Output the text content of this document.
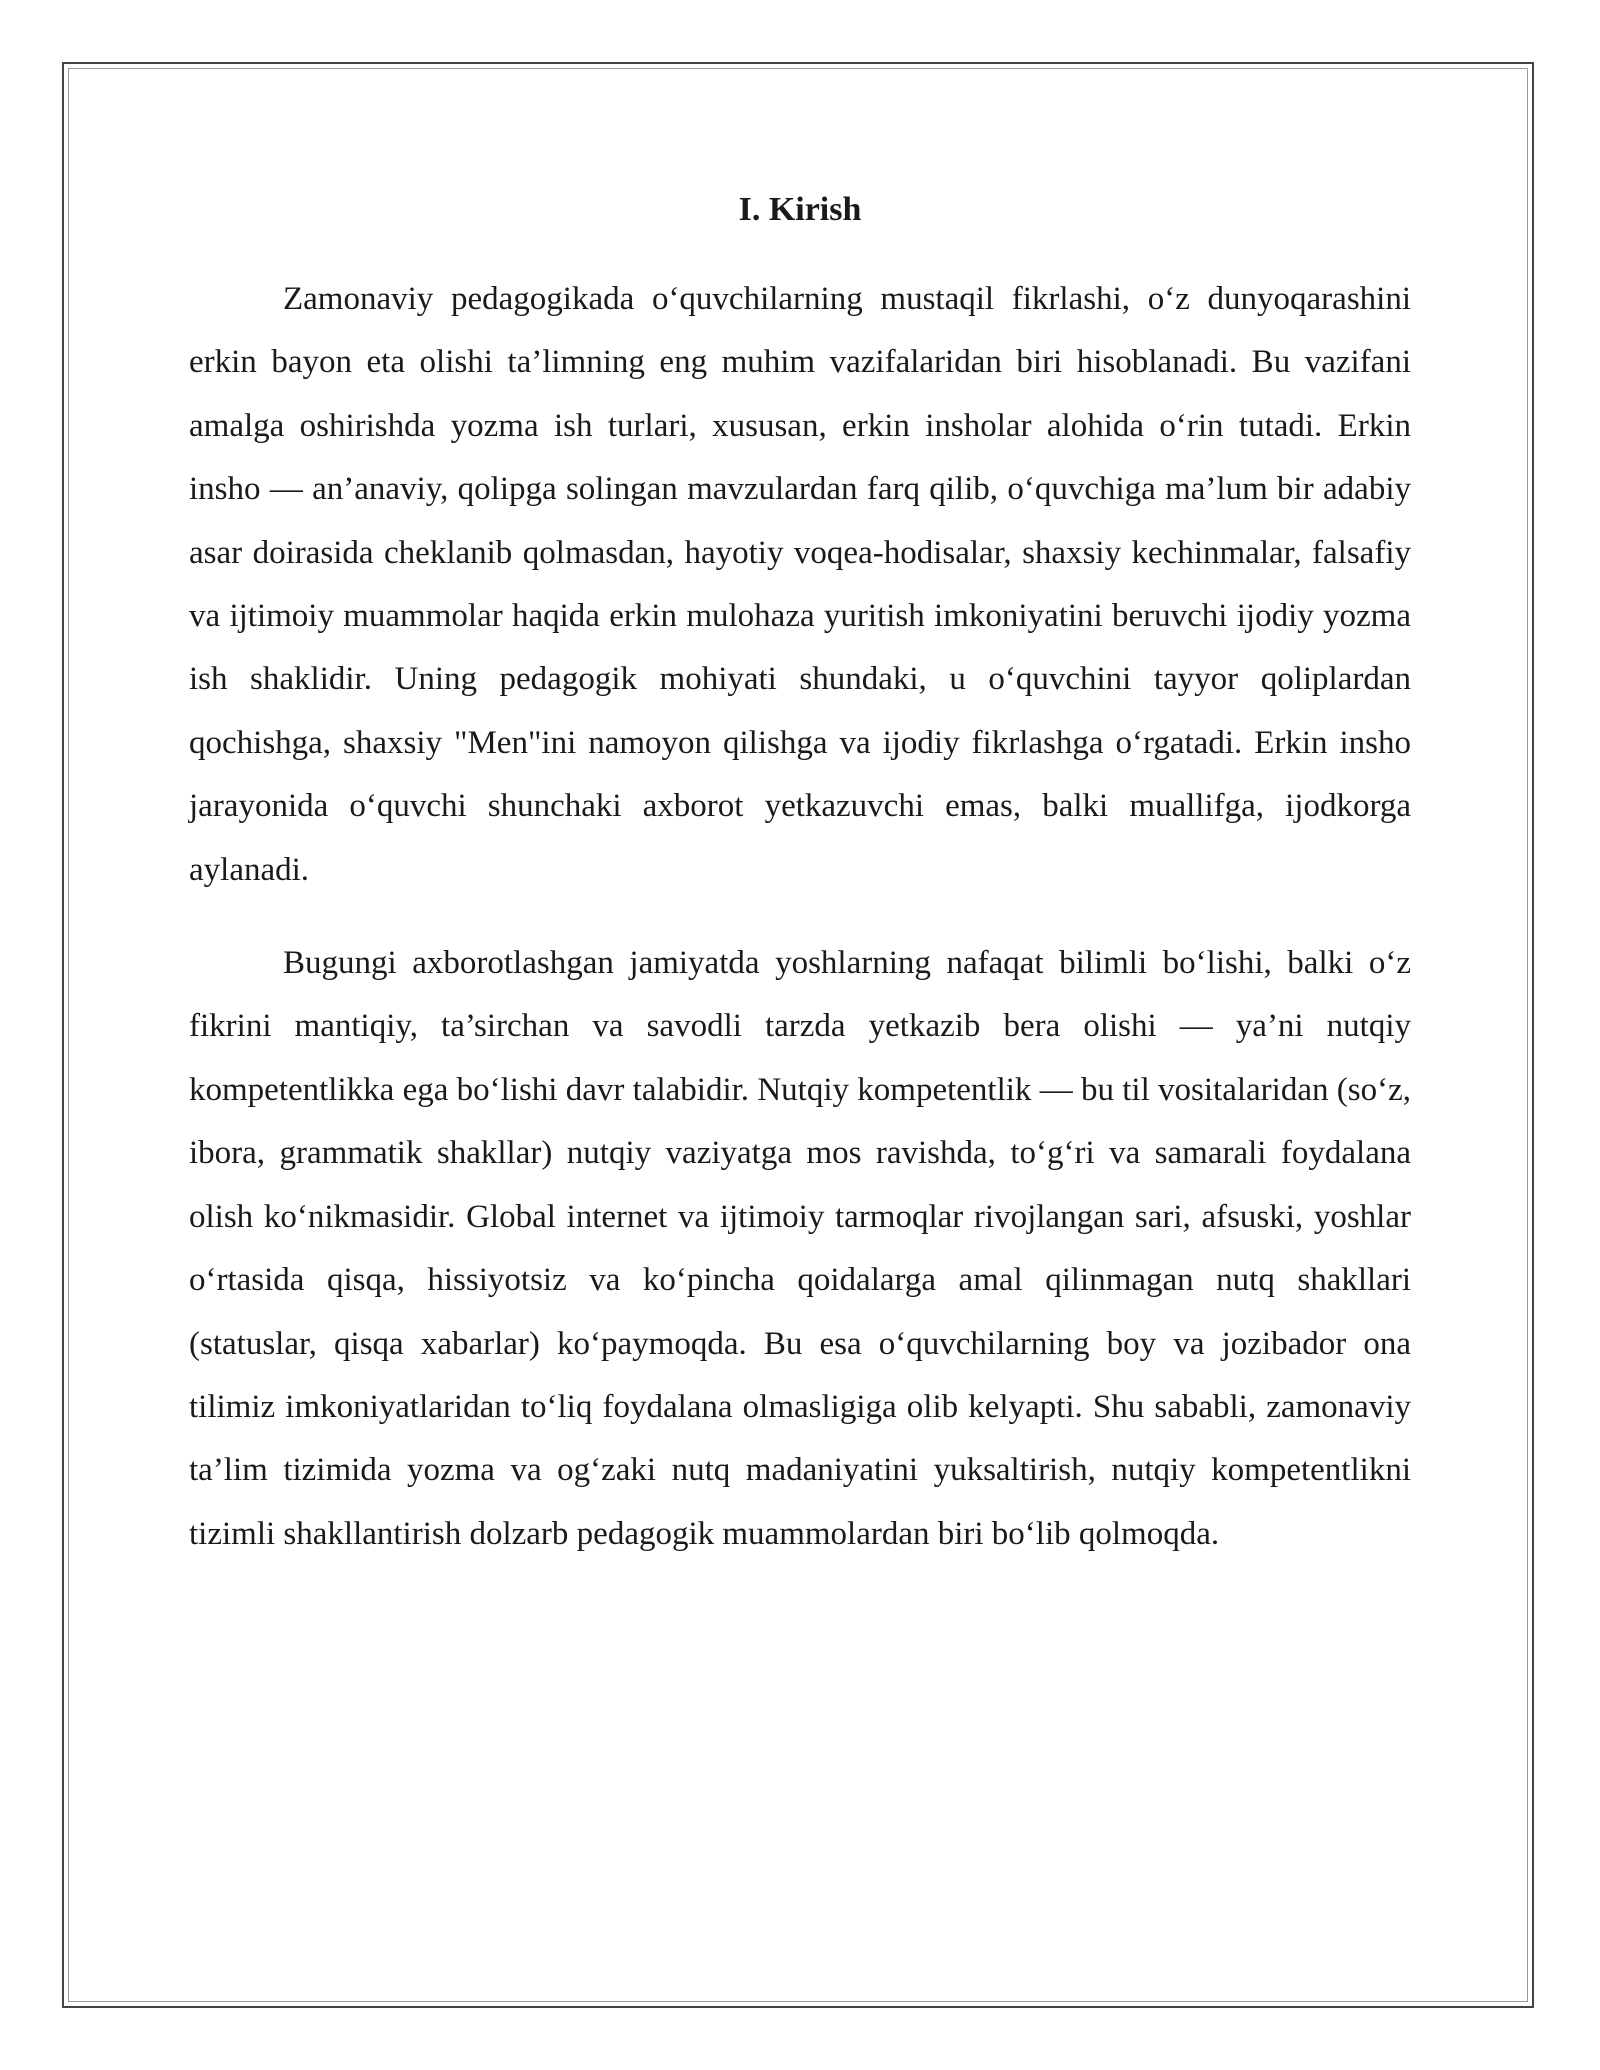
I. Kirish

Zamonaviy pedagogikada o‘quvchilarning mustaqil fikrlashi, o‘z dunyoqarashini erkin bayon eta olishi ta’limning eng muhim vazifalaridan biri hisoblanadi. Bu vazifani amalga oshirishda yozma ish turlari, xususan, erkin insholar alohida o‘rin tutadi. Erkin insho — an’anaviy, qolipga solingan mavzulardan farq qilib, o‘quvchiga ma’lum bir adabiy asar doirasida cheklanib qolmasdan, hayotiy voqea-hodisalar, shaxsiy kechinmalar, falsafiy va ijtimoiy muammolar haqida erkin mulohaza yuritish imkoniyatini beruvchi ijodiy yozma ish shaklidir. Uning pedagogik mohiyati shundaki, u o‘quvchini tayyor qoliplardan qochishga, shaxsiy "Men"ini namoyon qilishga va ijodiy fikrlashga o‘rgatadi. Erkin insho jarayonida o‘quvchi shunchaki axborot yetkazuvchi emas, balki muallifga, ijodkorga aylanadi.

Bugungi axborotlashgan jamiyatda yoshlarning nafaqat bilimli bo‘lishi, balki o‘z fikrini mantiqiy, ta’sirchan va savodli tarzda yetkazib bera olishi — ya’ni nutqiy kompetentlikka ega bo‘lishi davr talabidir. Nutqiy kompetentlik — bu til vositalaridan (so‘z, ibora, grammatik shakllar) nutqiy vaziyatga mos ravishda, to‘g‘ri va samarali foydalana olish ko‘nikmasidir. Global internet va ijtimoiy tarmoqlar rivojlangan sari, afsuski, yoshlar o‘rtasida qisqa, hissiyotsiz va ko‘pincha qoidalarga amal qilinmagan nutq shakllari (statuslar, qisqa xabarlar) ko‘paymoqda. Bu esa o‘quvchilarning boy va jozibador ona tilimiz imkoniyatlaridan to‘liq foydalana olmasligiga olib kelyapti. Shu sababli, zamonaviy ta’lim tizimida yozma va og‘zaki nutq madaniyatini yuksaltirish, nutqiy kompetentlikni tizimli shakllantirish dolzarb pedagogik muammolardan biri bo‘lib qolmoqda.
